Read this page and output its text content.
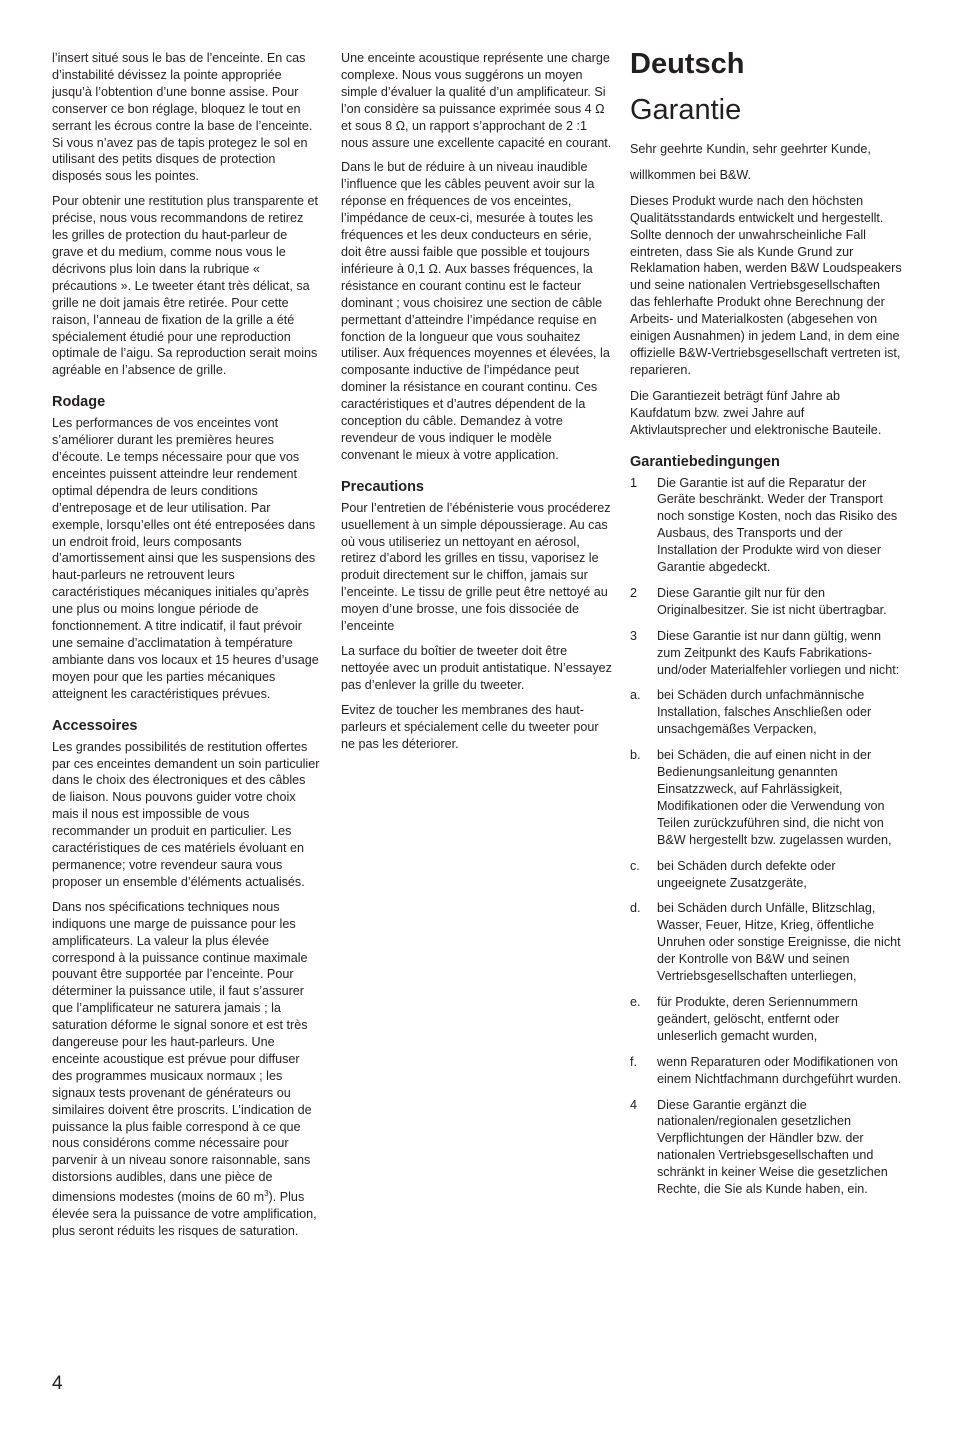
l’insert situé sous le bas de l’enceinte. En cas d’instabilité dévissez la pointe appropriée jusqu’à l’obtention d’une bonne assise. Pour conserver ce bon réglage, bloquez le tout en serrant les écrous contre la base de l’enceinte. Si vous n’avez pas de tapis protegez le sol en utilisant des petits disques de protection disposés sous les pointes.

Pour obtenir une restitution plus transparente et précise, nous vous recommandons de retirez les grilles de protection du haut-parleur de grave et du medium, comme nous vous le décrivons plus loin dans la rubrique « précautions ». Le tweeter étant très délicat, sa grille ne doit jamais être retirée. Pour cette raison, l’anneau de fixation de la grille a été spécialement étudié pour une reproduction optimale de l’aigu. Sa reproduction serait moins agréable en l’absence de grille.

Rodage

Les performances de vos enceintes vont s’améliorer durant les premières heures d’écoute. Le temps nécessaire pour que vos enceintes puissent atteindre leur rendement optimal dépendra de leurs conditions d’entreposage et de leur utilisation. Par exemple, lorsqu’elles ont été entreposées dans un endroit froid, leurs composants d’amortissement ainsi que les suspensions des haut-parleurs ne retrouvent leurs caractéristiques mécaniques initiales qu’après une plus ou moins longue période de fonctionnement. A titre indicatif, il faut prévoir une semaine d’acclimatation à température ambiante dans vos locaux et 15 heures d’usage moyen pour que les parties mécaniques atteignent les caractéristiques prévues.

Accessoires

Les grandes possibilités de restitution offertes par ces enceintes demandent un soin particulier dans le choix des électroniques et des câbles de liaison. Nous pouvons guider votre choix mais il nous est impossible de vous recommander un produit en particulier. Les caractéristiques de ces matériels évoluant en permanence; votre revendeur saura vous proposer un ensemble d’éléments actualisés.

Dans nos spécifications techniques nous indiquons une marge de puissance pour les amplificateurs. La valeur la plus élevée correspond à la puissance continue maximale pouvant être supportée par l’enceinte. Pour déterminer la puissance utile, il faut s’assurer que l’amplificateur ne saturera jamais ; la saturation déforme le signal sonore et est très dangereuse pour les haut-parleurs. Une enceinte acoustique est prévue pour diffuser des programmes musicaux normaux ; les signaux tests provenant de générateurs ou similaires doivent être proscrits. L’indication de puissance la plus faible correspond à ce que nous considérons comme nécessaire pour parvenir à un niveau sonore raisonnable, sans distorsions audibles, dans une pièce de dimensions modestes (moins de 60 $m^3$). Plus élevée sera la puissance de votre amplification, plus seront réduits les risques de saturation.

Une enceinte acoustique représente une charge complexe. Nous vous suggérons un moyen simple d’évaluer la qualité d’un amplificateur. Si l’on considère sa puissance exprimée sous 4 Ω et sous 8 Ω, un rapport s’approchant de 2 :1 nous assure une excellente capacité en courant.

Dans le but de réduire à un niveau inaudible l’influence que les câbles peuvent avoir sur la réponse en fréquences de vos enceintes, l’impédance de ceux-ci, mesurée à toutes les fréquences et les deux conducteurs en série, doit être aussi faible que possible et toujours inférieure à 0,1 Ω. Aux basses fréquences, la résistance en courant continu est le facteur dominant ; vous choisirez une section de câble permettant d’atteindre l’impédance requise en fonction de la longueur que vous souhaitez utiliser. Aux fréquences moyennes et élevées, la composante inductive de l’impédance peut dominer la résistance en courant continu. Ces caractéristiques et d’autres dépendent de la conception du câble. Demandez à votre revendeur de vous indiquer le modèle convenant le mieux à votre application.

Precautions

Pour l’entretien de l’ébénisterie vous procéderez usuellement à un simple dépoussierage. Au cas où vous utiliseriez un nettoyant en aérosol, retirez d’abord les grilles en tissu, vaporisez le produit directement sur le chiffon, jamais sur l’enceinte. Le tissu de grille peut être nettoyé au moyen d’une brosse, une fois dissociée de l’enceinte

La surface du boîtier de tweeter doit être nettoyée avec un produit antistatique. N’essayez pas d’enlever la grille du tweeter.

Evitez de toucher les membranes des haut-parleurs et spécialement celle du tweeter pour ne pas les déteriorer.

Deutsch
Garantie

Sehr geehrte Kundin, sehr geehrter Kunde,

willkommen bei B&W.

Dieses Produkt wurde nach den höchsten Qualitätsstandards entwickelt und hergestellt. Sollte dennoch der unwahrscheinliche Fall eintreten, dass Sie als Kunde Grund zur Reklamation haben, werden B&W Loudspeakers und seine nationalen Vertriebsgesellschaften das fehlerhafte Produkt ohne Berechnung der Arbeits- und Materialkosten (abgesehen von einigen Ausnahmen) in jedem Land, in dem eine offizielle B&W-Vertriebsgesellschaft vertreten ist, reparieren.

Die Garantiezeit beträgt fünf Jahre ab Kaufdatum bzw. zwei Jahre auf Aktivlautsprecher und elektronische Bauteile.

Garantiebedingungen
1	Die Garantie ist auf die Reparatur der Geräte beschränkt. Weder der Transport noch sonstige Kosten, noch das Risiko des Ausbaus, des Transports und der Installation der Produkte wird von dieser Garantie abgedeckt.
2	Diese Garantie gilt nur für den Originalbesitzer. Sie ist nicht übertragbar.
3	Diese Garantie ist nur dann gültig, wenn zum Zeitpunkt des Kaufs Fabrikations- und/oder Materialfehler vorliegen und nicht:
a.	bei Schäden durch unfachmännische Installation, falsches Anschließen oder unsachgemäßes Verpacken,
b.	bei Schäden, die auf einen nicht in der Bedienungsanleitung genannten Einsatzzweck, auf Fahrlässigkeit, Modifikationen oder die Verwendung von Teilen zurückzuführen sind, die nicht von B&W hergestellt bzw. zugelassen wurden,
c.	bei Schäden durch defekte oder ungeeignete Zusatzgeräte,
d.	bei Schäden durch Unfälle, Blitzschlag, Wasser, Feuer, Hitze, Krieg, öffentliche Unruhen oder sonstige Ereignisse, die nicht der Kontrolle von B&W und seinen Vertriebsgesellschaften unterliegen,
e.	für Produkte, deren Seriennummern geändert, gelöscht, entfernt oder unleserlich gemacht wurden,
f.	wenn Reparaturen oder Modifikationen von einem Nichtfachmann durchgeführt wurden.
4	Diese Garantie ergänzt die nationalen/regionalen gesetzlichen Verpflichtungen der Händler bzw. der nationalen Vertriebsgesellschaften und schränkt in keiner Weise die gesetzlichen Rechte, die Sie als Kunde haben, ein.
4
